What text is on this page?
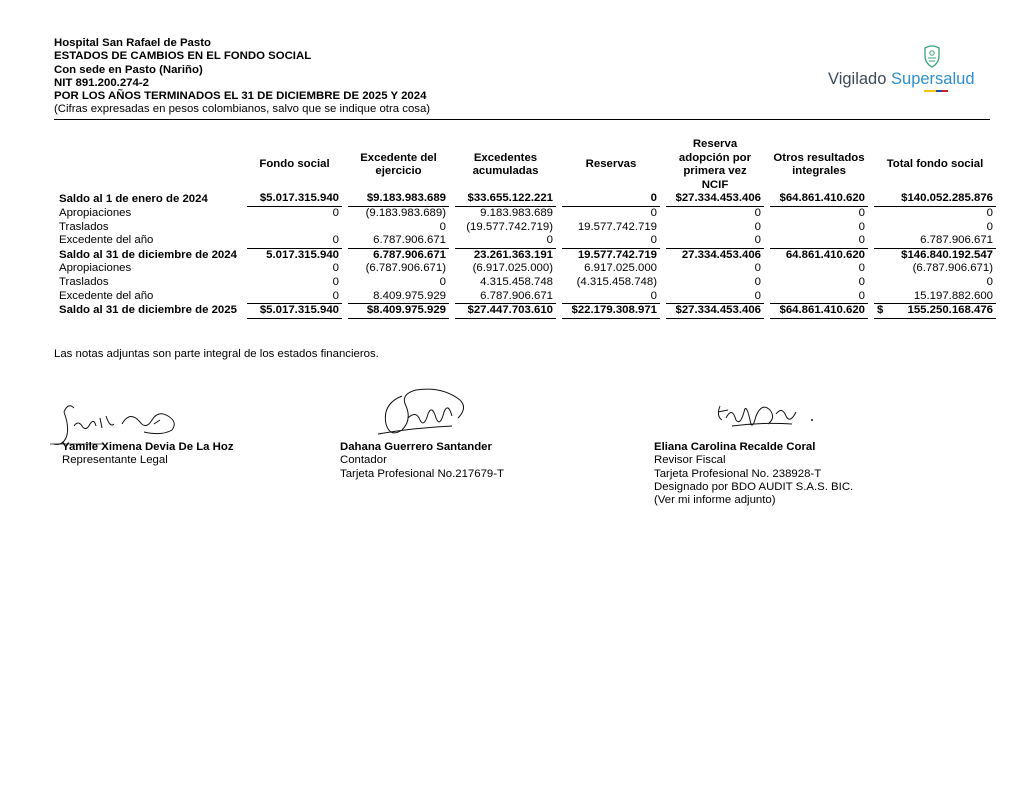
Hospital San Rafael de Pasto
ESTADOS DE CAMBIOS EN EL FONDO SOCIAL
Con sede en Pasto (Nariño)
NIT 891.200.274-2
POR LOS AÑOS TERMINADOS EL 31 DE DICIEMBRE DE 2025 Y 2024
(Cifras expresadas en pesos colombianos, salvo que se indique otra cosa)
Vigilado Supersalud
	Fondo social		Excedente del ejercicio		Excedentes acumuladas		Reservas		Reserva adopción por primera vez NCIF		Otros resultados integrales		Total fondo social
Saldo al 1 de enero de 2024	$5.017.315.940		$9.183.983.689		$33.655.122.221		0		$27.334.453.406		$64.861.410.620		$140.052.285.876
Apropiaciones	0		(9.183.983.689)		9.183.983.689		0		0		0		0
Traslados			0		(19.577.742.719)		19.577.742.719		0		0		0
Excedente del año	0		6.787.906.671		0		0		0		0		6.787.906.671
Saldo al 31 de diciembre de 2024	5.017.315.940		6.787.906.671		23.261.363.191		19.577.742.719		27.334.453.406		64.861.410.620		$146.840.192.547
Apropiaciones	0		(6.787.906.671)		(6.917.025.000)		6.917.025.000		0		0		(6.787.906.671)
Traslados	0		0		4.315.458.748		(4.315.458.748)		0		0		0
Excedente del año	0		8.409.975.929		6.787.906.671		0		0		0		15.197.882.600
Saldo al 31 de diciembre de 2025	$5.017.315.940		$8.409.975.929		$27.447.703.610		$22.179.308.971		$27.334.453.406		$64.861.410.620		$ 155.250.168.476
Las notas adjuntas son parte integral de los estados financieros.
Yamile Ximena Devia De La Hoz
Representante Legal
Dahana Guerrero Santander
Contador
Tarjeta Profesional No.217679-T
Eliana Carolina Recalde Coral
Revisor Fiscal
Tarjeta Profesional No. 238928-T
Designado por BDO AUDIT S.A.S. BIC.
(Ver mi informe adjunto)
